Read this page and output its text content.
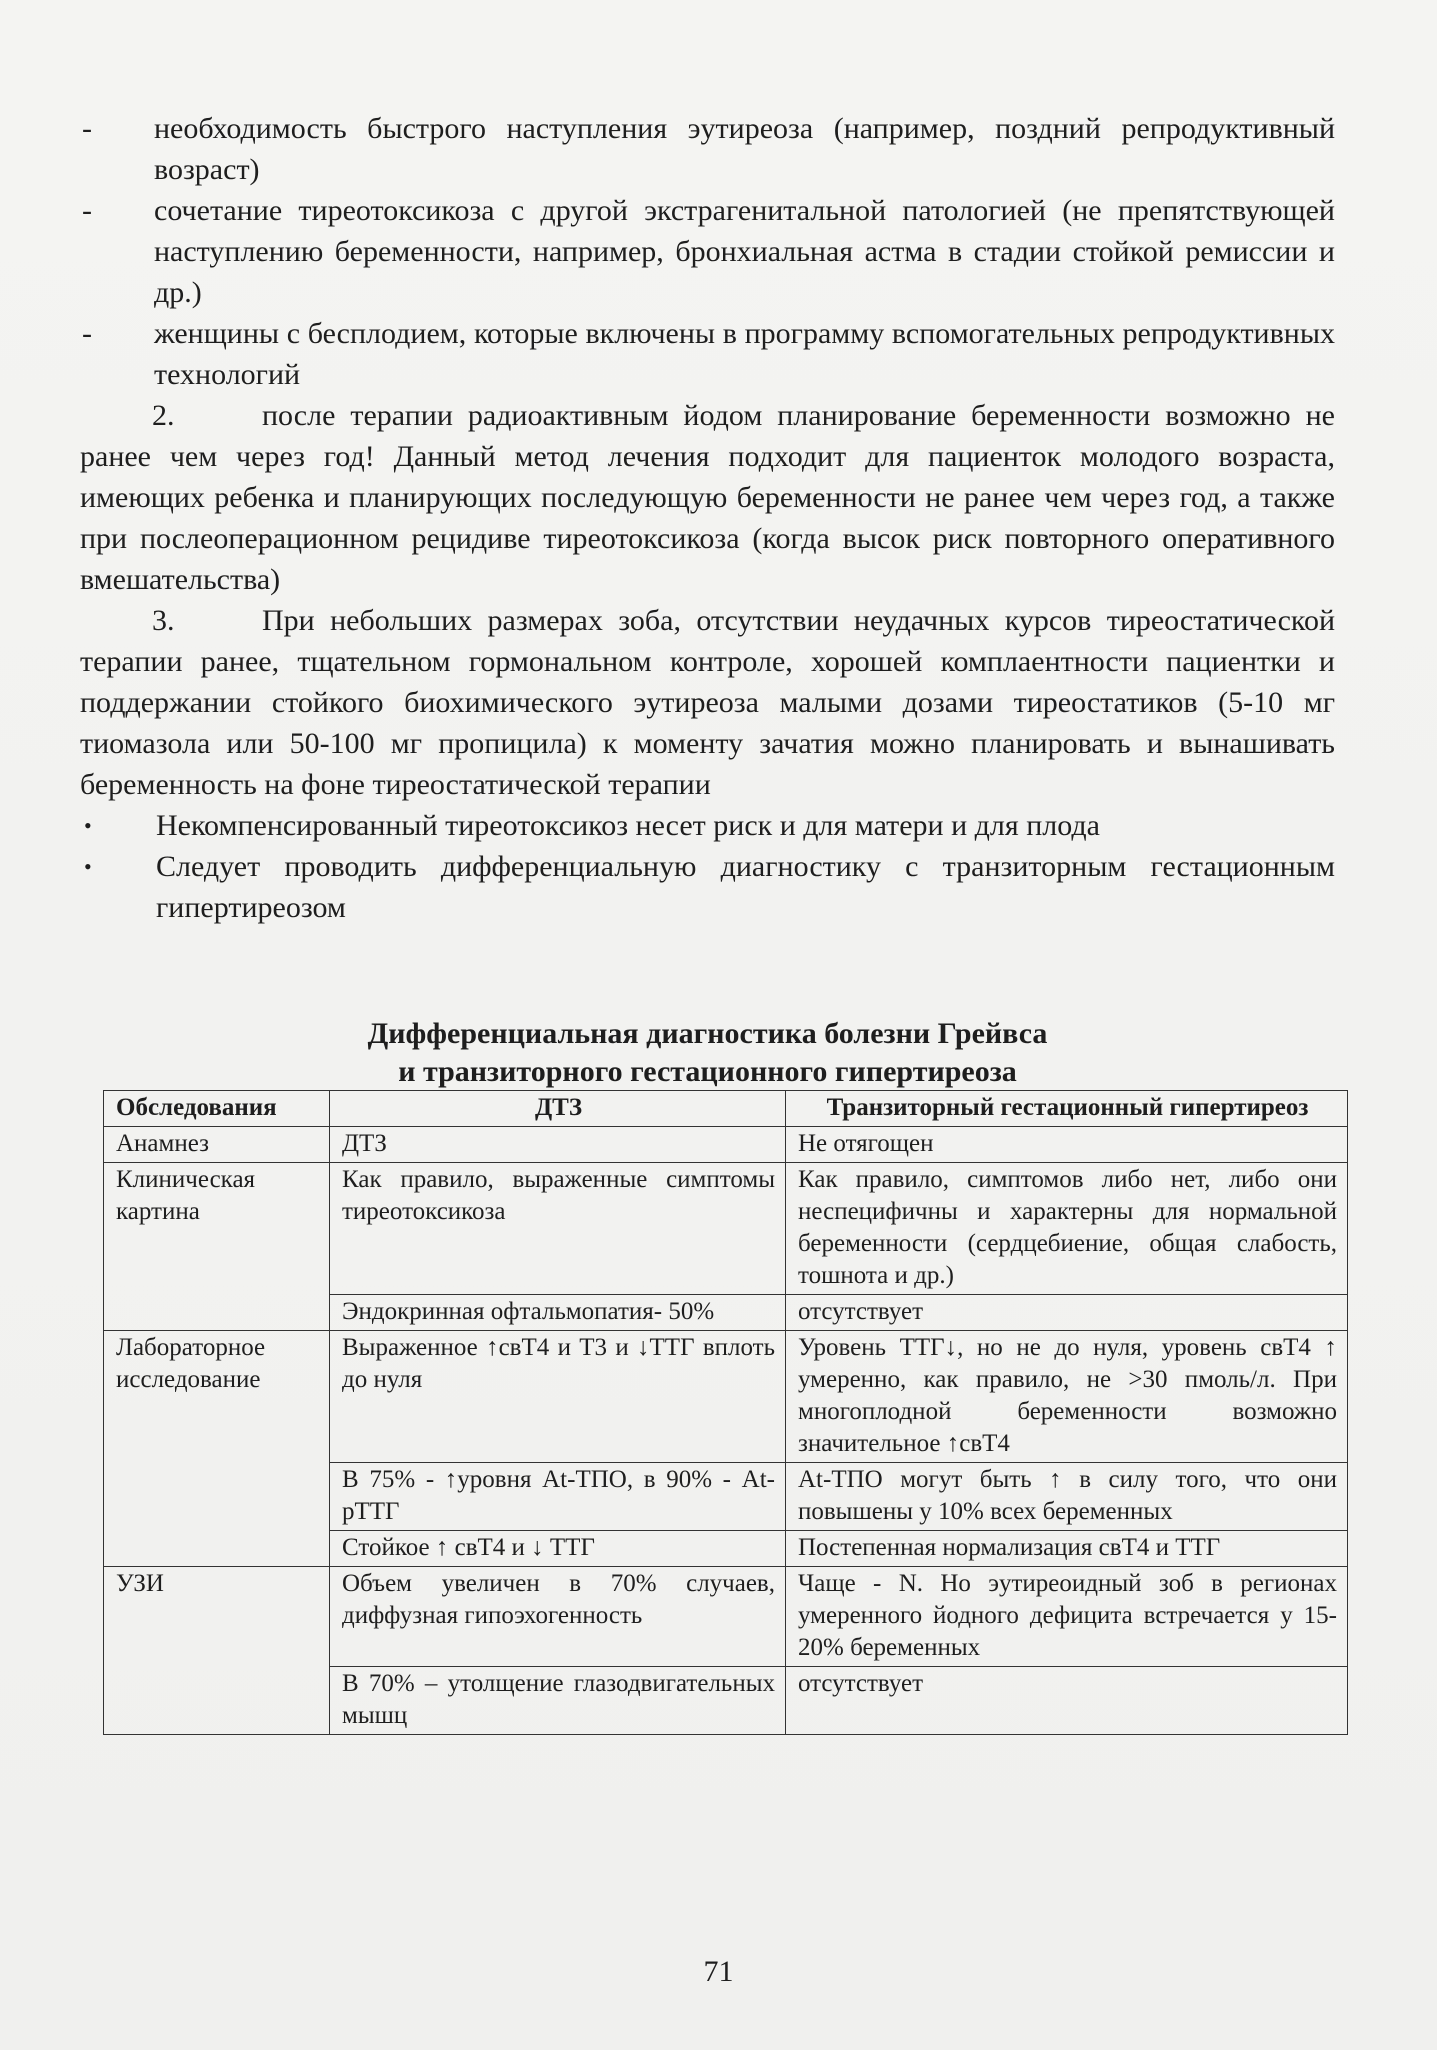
-	необходимость быстрого наступления эутиреоза (например, поздний репродуктивный возраст)
-	сочетание тиреотоксикоза с другой экстрагенитальной патологией (не препятствующей наступлению беременности, например, бронхиальная астма в стадии стойкой ремиссии и др.)
-	женщины с бесплодием, которые включены в программу вспомогательных репродуктивных технологий
2.	после терапии радиоактивным йодом планирование беременности возможно не ранее чем через год! Данный метод лечения подходит для пациенток молодого возраста, имеющих ребенка и планирующих последующую беременности не ранее чем через год, а также при послеоперационном рецидиве тиреотоксикоза (когда высок риск повторного оперативного вмешательства)
3.	При небольших размерах зоба, отсутствии неудачных курсов тиреостатической терапии ранее, тщательном гормональном контроле, хорошей комплаентности пациентки и поддержании стойкого биохимического эутиреоза малыми дозами тиреостатиков (5-10 мг тиомазола или 50-100 мг пропицила) к моменту зачатия можно планировать и вынашивать беременность на фоне тиреостатической терапии
•	Некомпенсированный тиреотоксикоз несет риск и для матери и для плода
•	Следует проводить дифференциальную диагностику с транзиторным гестационным гипертиреозом
Дифференциальная диагностика болезни Грейвса
и транзиторного гестационного гипертиреоза
Обследования	ДТЗ	Транзиторный гестационный гипертиреоз
Анамнез	ДТЗ	Не отягощен
Клиническая картина	Как правило, выраженные симптомы тиреотоксикоза	Как правило, симптомов либо нет, либо они неспецифичны и характерны для нормальной беременности (сердцебиение, общая слабость, тошнота и др.)
	Эндокринная офтальмопатия- 50%	отсутствует
Лабораторное исследование	Выраженное ↑свТ4 и Т3 и ↓ТТГ вплоть до нуля	Уровень ТТГ↓, но не до нуля, уровень свТ4 ↑ умеренно, как правило, не >30 пмоль/л. При многоплодной беременности возможно значительное ↑свТ4
	В 75% - ↑уровня At-ТПО, в 90% - At-рТТГ	At-ТПО могут быть ↑ в силу того, что они повышены у 10% всех беременных
	Стойкое ↑ свТ4 и ↓ ТТГ	Постепенная нормализация свТ4 и ТТГ
УЗИ	Объем увеличен в 70% случаев, диффузная гипоэхогенность	Чаще - N. Но эутиреоидный зоб в регионах умеренного йодного дефицита встречается у 15-20% беременных
	В 70% – утолщение глазодвигательных мышц	отсутствует
71
